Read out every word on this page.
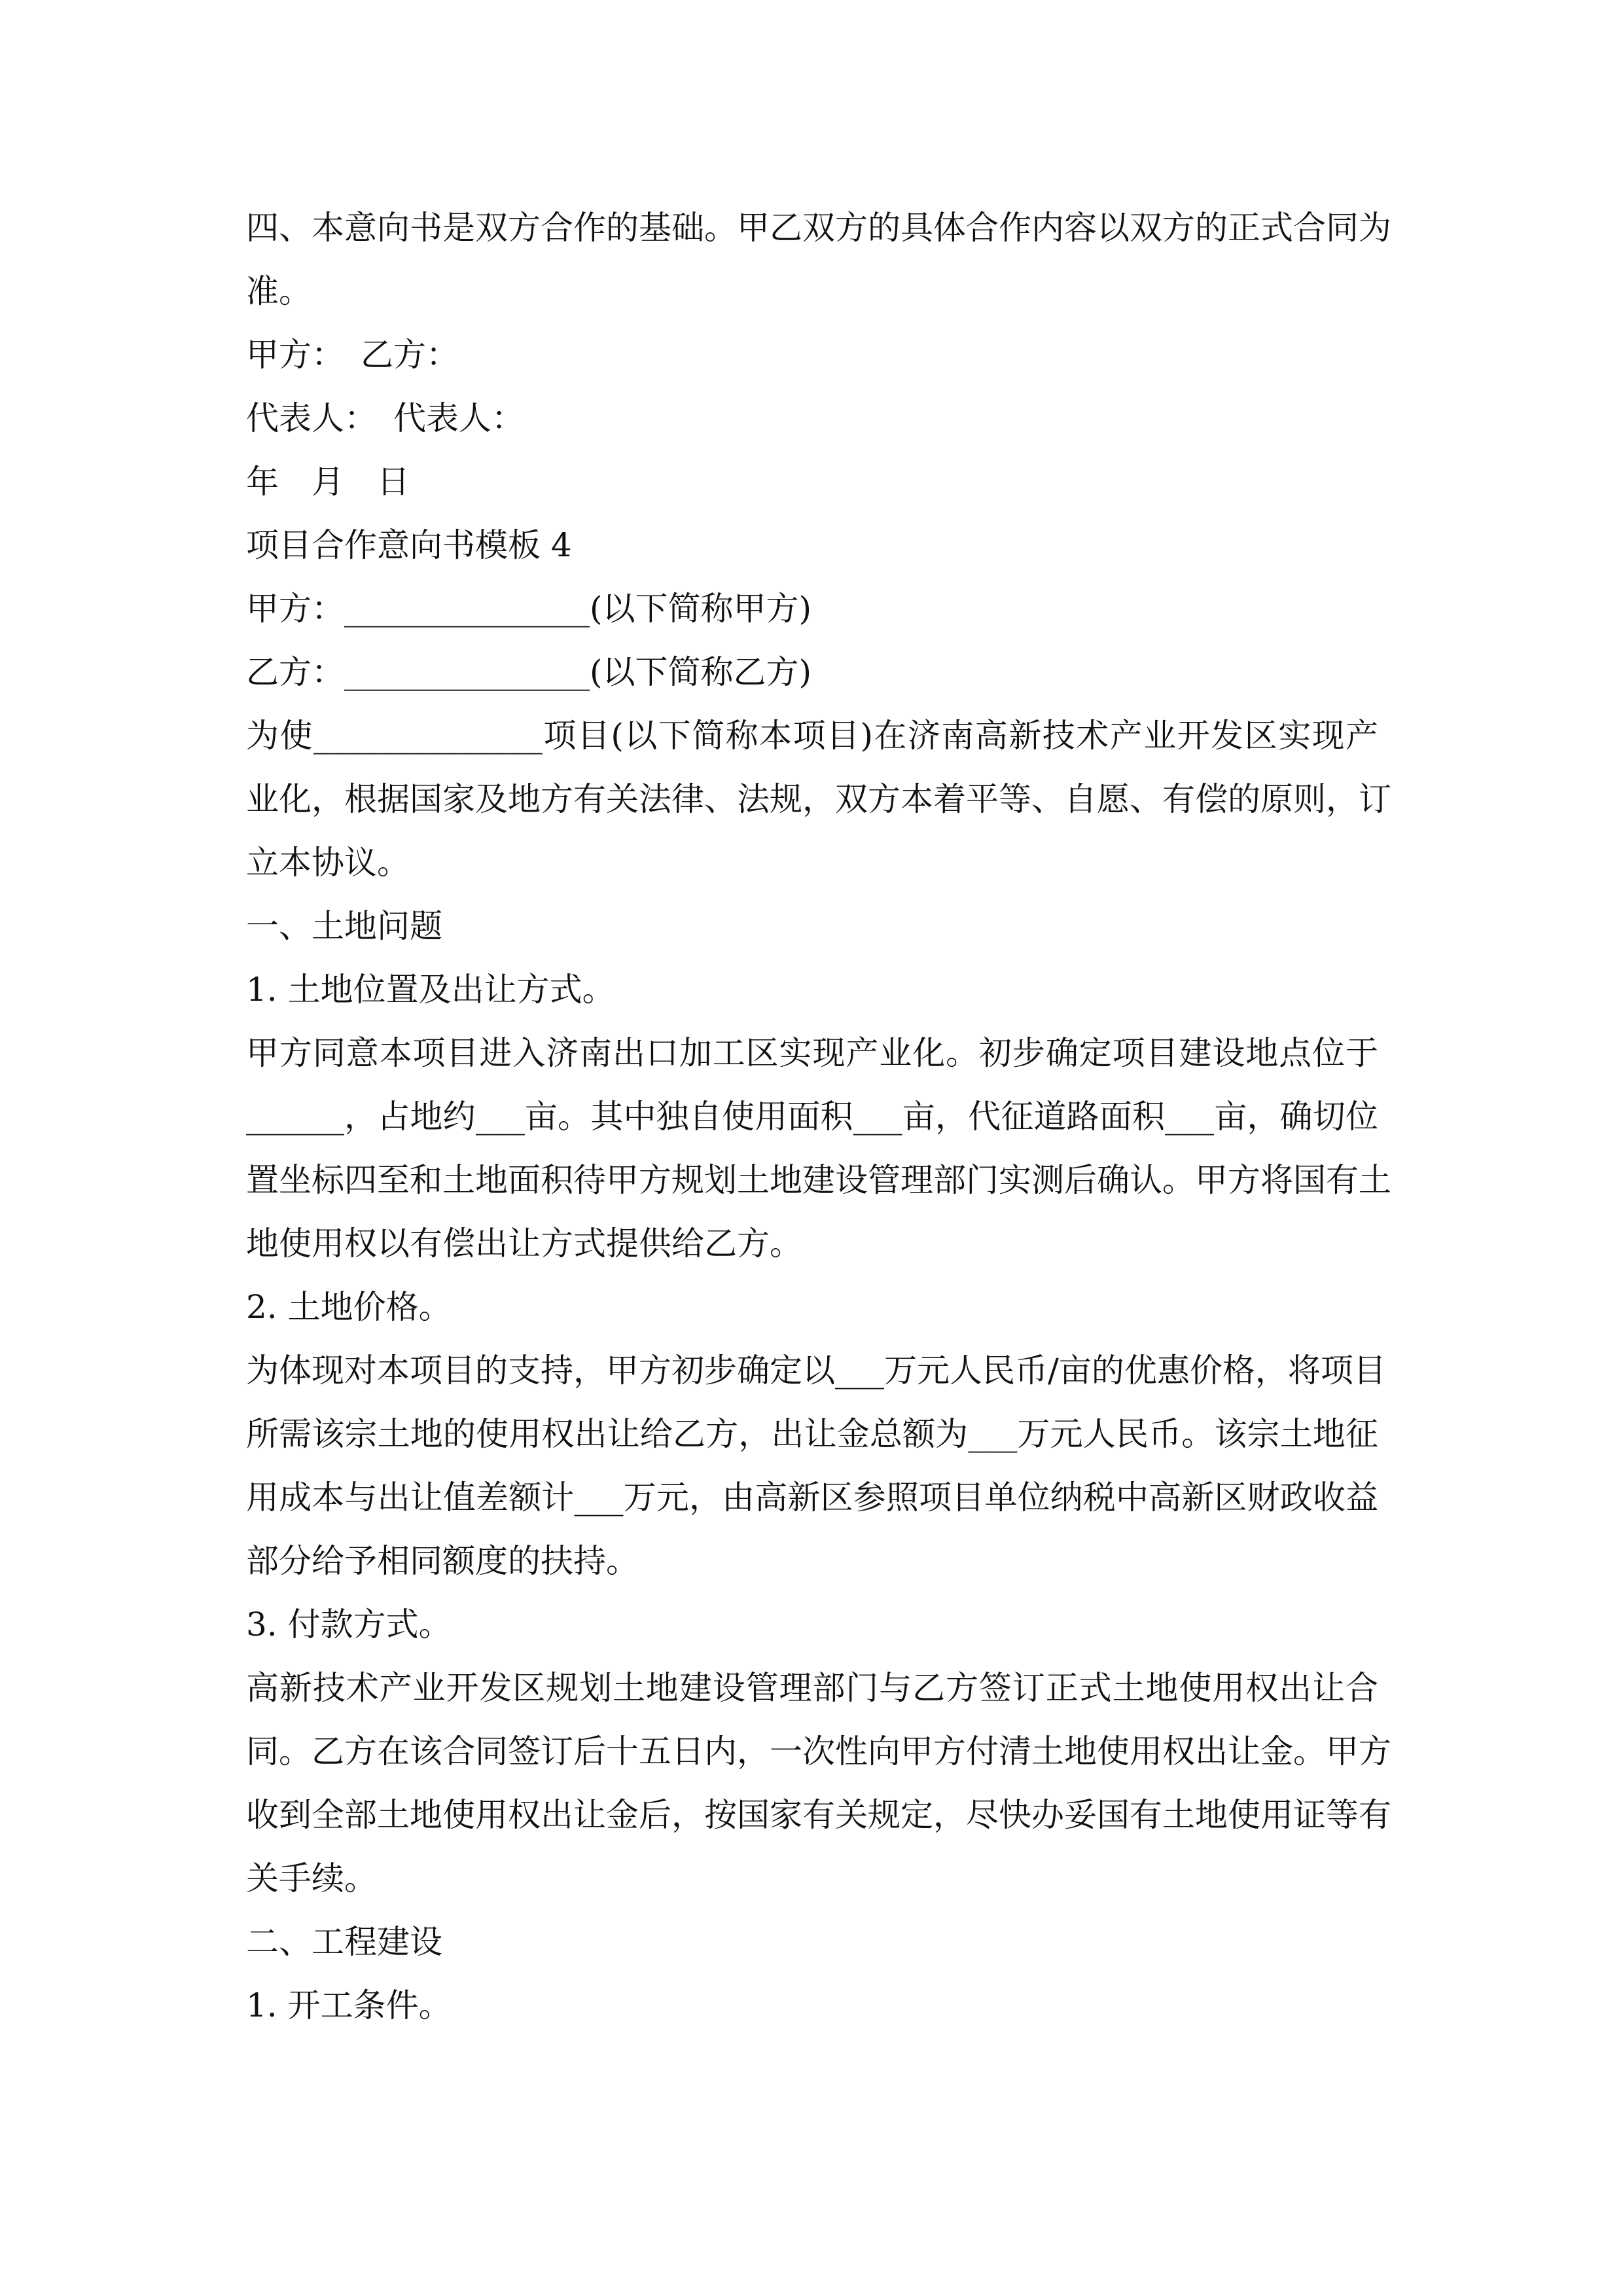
四、本意向书是双方合作的基础。甲乙双方的具体合作内容以双方的正式合同为
准。
甲方：　乙方：
代表人：　代表人：
年　月　日
项目合作意向书模板 4
甲方：_______________(以下简称甲方)
乙方：_______________(以下简称乙方)
为使______________项目(以下简称本项目)在济南高新技术产业开发区实现产
业化，根据国家及地方有关法律、法规，双方本着平等、自愿、有偿的原则，订
立本协议。
一、土地问题
1. 土地位置及出让方式。
甲方同意本项目进入济南出口加工区实现产业化。初步确定项目建设地点位于
______，占地约___亩。其中独自使用面积___亩，代征道路面积___亩，确切位
置坐标四至和土地面积待甲方规划土地建设管理部门实测后确认。甲方将国有土
地使用权以有偿出让方式提供给乙方。
2. 土地价格。
为体现对本项目的支持，甲方初步确定以___万元人民币/亩的优惠价格，将项目
所需该宗土地的使用权出让给乙方，出让金总额为___万元人民币。该宗土地征
用成本与出让值差额计___万元，由高新区参照项目单位纳税中高新区财政收益
部分给予相同额度的扶持。
3. 付款方式。
高新技术产业开发区规划土地建设管理部门与乙方签订正式土地使用权出让合
同。乙方在该合同签订后十五日内，一次性向甲方付清土地使用权出让金。甲方
收到全部土地使用权出让金后，按国家有关规定，尽快办妥国有土地使用证等有
关手续。
二、工程建设
1. 开工条件。
